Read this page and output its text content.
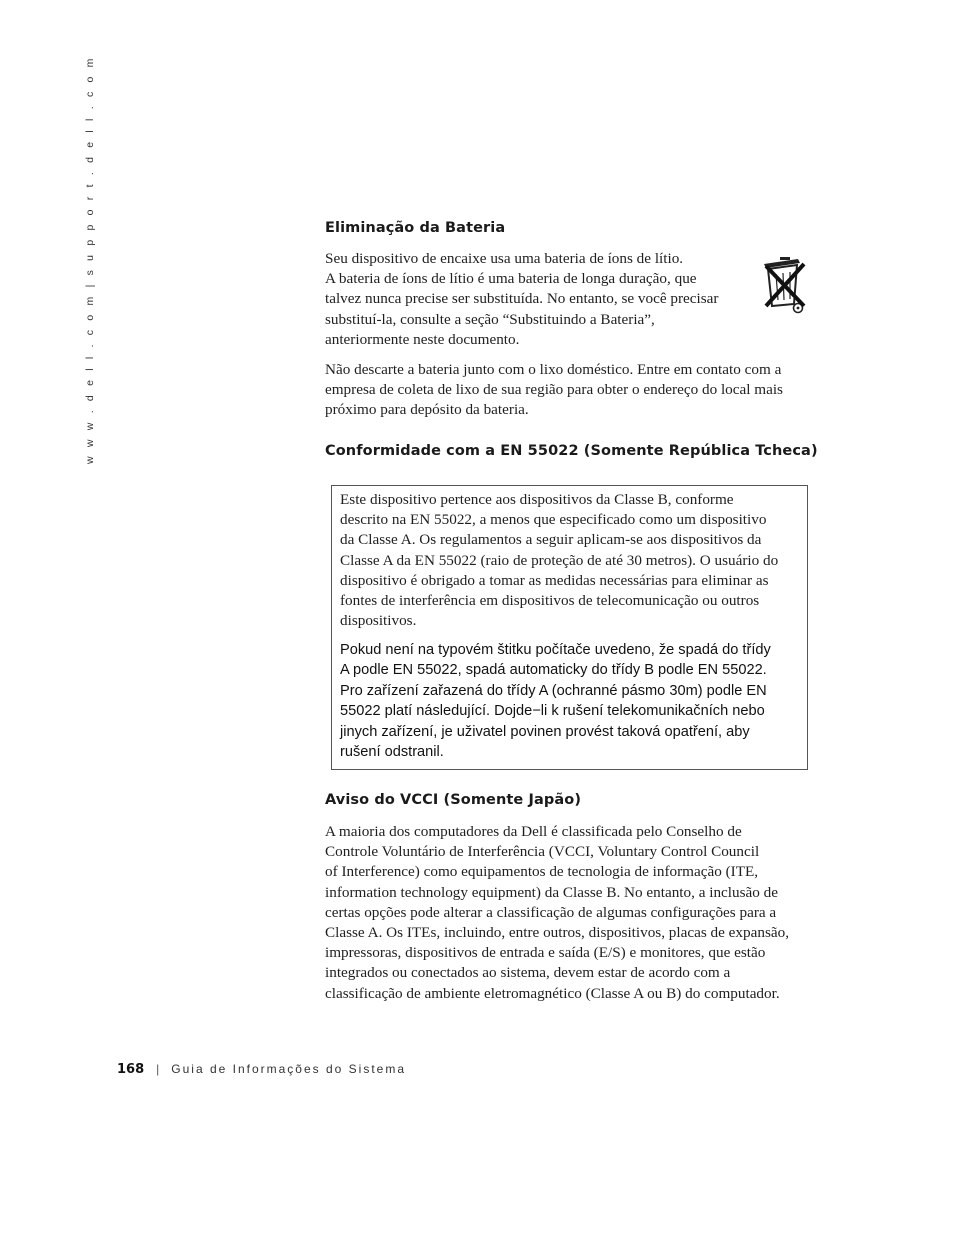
w w w . d e l l . c o m | s u p p o r t . d e l l . c o m	Eliminação da Bateria
Seu dispositivo de encaixe usa uma bateria de íons de lítio.
A bateria de íons de lítio é uma bateria de longa duração, que
talvez nunca precise ser substituída. No entanto, se você precisar
substituí-la, consulte a seção “Substituindo a Bateria”,
anteriormente neste documento.
Não descarte a bateria junto com o lixo doméstico. Entre em contato com a
empresa de coleta de lixo de sua região para obter o endereço do local mais
próximo para depósito da bateria.
Conformidade com a EN 55022 (Somente República Tcheca)
Este dispositivo pertence aos dispositivos da Classe B, conforme
descrito na EN 55022, a menos que especificado como um dispositivo
da Classe A. Os regulamentos a seguir aplicam-se aos dispositivos da
Classe A da EN 55022 (raio de proteção de até 30 metros). O usuário do
dispositivo é obrigado a tomar as medidas necessárias para eliminar as
fontes de interferência em dispositivos de telecomunicação ou outros
dispositivos.
Pokud není na typovém štitku počítače uvedeno, že spadá do třídy
A podle EN 55022, spadá automaticky do třídy B podle EN 55022.
Pro zařízení zařazená do třídy A (ochranné pásmo 30m) podle EN
55022 platí následující. Dojde−li k rušení telekomunikačních nebo
jinych zařízení, je uživatel povinen provést taková opatření, aby
rušení odstranil.
Aviso do VCCI (Somente Japão)
A maioria dos computadores da Dell é classificada pelo Conselho de
Controle Voluntário de Interferência (VCCI, Voluntary Control Council
of Interference) como equipamentos de tecnologia de informação (ITE,
information technology equipment) da Classe B. No entanto, a inclusão de
certas opções pode alterar a classificação de algumas configurações para a
Classe A. Os ITEs, incluindo, entre outros, dispositivos, placas de expansão,
impressoras, dispositivos de entrada e saída (E/S) e monitores, que estão
integrados ou conectados ao sistema, devem estar de acordo com a
classificação de ambiente eletromagnético (Classe A ou B) do computador.
168 | Guia de Informações do Sistema
